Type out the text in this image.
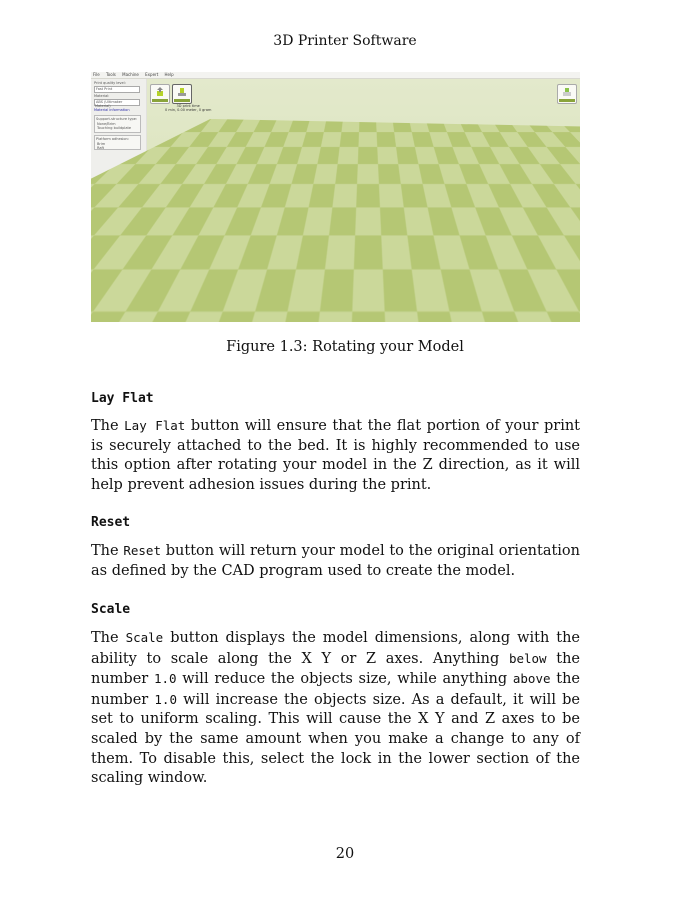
3D Printer Software
File Tools Machine Expert Help
Print quality level:
Fast Print
Material:
ABS (Ultimaker Material)
Material information
Support-structure type:
None/Brim
Touching buildplate
Platform adhesion:
Brim
Raft
3D print time
0 min, 0.00 meter, 0 gram
Figure 1.3: Rotating your Model
Lay Flat
The Lay Flat button will ensure that the flat portion of your print is securely attached to the bed. It is highly recommended to use this option after rotating your model in the Z direction, as it will help prevent adhesion issues during the print.
Reset
The Reset button will return your model to the original orientation as defined by the CAD program used to create the model.
Scale
The Scale button displays the model dimensions, along with the ability to scale along the X Y or Z axes. Anything below the number 1.0 will reduce the objects size, while anything above the number 1.0 will increase the objects size. As a default, it will be set to uniform scaling. This will cause the X Y and Z axes to be scaled by the same amount when you make a change to any of them. To disable this, select the lock in the lower section of the scaling window.
20
